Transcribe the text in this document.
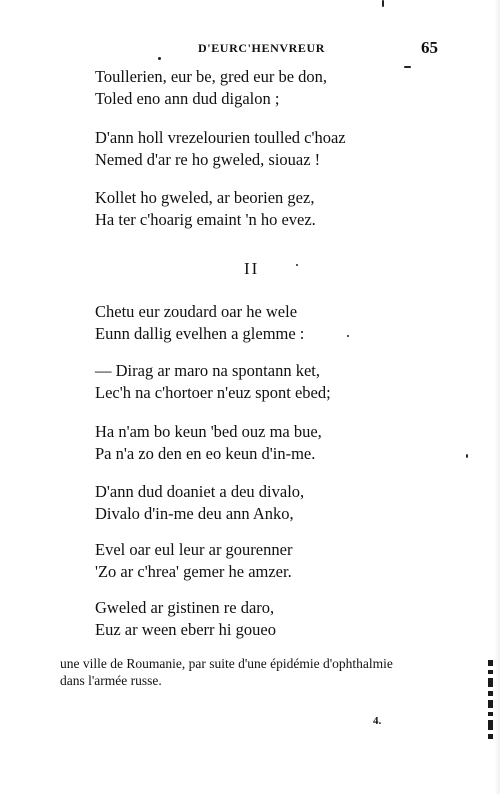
D'EURC'HENVREUR	65
Toullerien, eur be, gred eur be don,
Toled eno ann dud digalon ;
D'ann holl vrezelourien toulled c'hoaz
Nemed d'ar re ho gweled, siouaz !
Kollet ho gweled, ar beorien gez,
Ha ter c'hoarig emaint 'n ho evez.
II
Chetu eur zoudard oar he wele
Eunn dallig evelhen a glemme :
— Dirag ar maro na spontann ket,
Lec'h na c'hortoer n'euz spont ebed;
Ha n'am bo keun 'bed ouz ma bue,
Pa n'a zo den en eo keun d'in-me.
D'ann dud doaniet a deu divalo,
Divalo d'in-me deu ann Anko,
Evel oar eul leur ar gourenner
'Zo ar c'hrea' gemer he amzer.
Gweled ar gistinen re daro,
Euz ar ween eberr hi goueo
une ville de Roumanie, par suite d'une épidémie d'ophthalmie
dans l'armée russe.
4.
